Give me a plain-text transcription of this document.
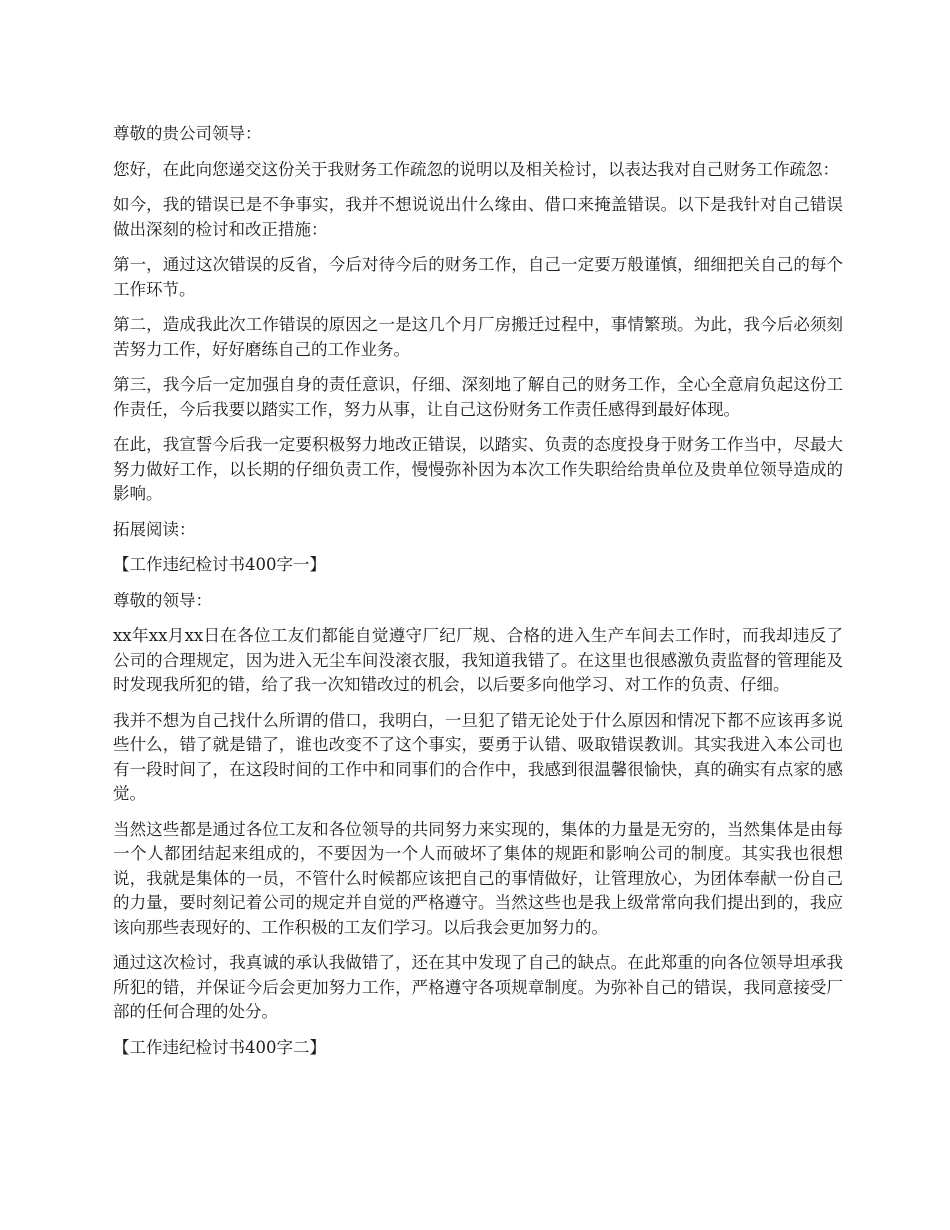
尊敬的贵公司领导：

您好，在此向您递交这份关于我财务工作疏忽的说明以及相关检讨，以表达我对自己财务工作疏忽：

如今，我的错误已是不争事实，我并不想说说出什么缘由、借口来掩盖错误。以下是我针对自己错误做出深刻的检讨和改正措施：

第一，通过这次错误的反省，今后对待今后的财务工作，自己一定要万般谨慎，细细把关自己的每个工作环节。

第二，造成我此次工作错误的原因之一是这几个月厂房搬迁过程中，事情繁琐。为此，我今后必须刻苦努力工作，好好磨练自己的工作业务。

第三，我今后一定加强自身的责任意识，仔细、深刻地了解自己的财务工作，全心全意肩负起这份工作责任，今后我要以踏实工作，努力从事，让自己这份财务工作责任感得到最好体现。

在此，我宣誓今后我一定要积极努力地改正错误，以踏实、负责的态度投身于财务工作当中，尽最大努力做好工作，以长期的仔细负责工作，慢慢弥补因为本次工作失职给给贵单位及贵单位领导造成的影响。

拓展阅读：

【工作违纪检讨书400字一】

尊敬的领导：

xx年xx月xx日在各位工友们都能自觉遵守厂纪厂规、合格的进入生产车间去工作时，而我却违反了公司的合理规定，因为进入无尘车间没滚衣服，我知道我错了。在这里也很感激负责监督的管理能及时发现我所犯的错，给了我一次知错改过的机会，以后要多向他学习、对工作的负责、仔细。

我并不想为自己找什么所谓的借口，我明白，一旦犯了错无论处于什么原因和情况下都不应该再多说些什么，错了就是错了，谁也改变不了这个事实，要勇于认错、吸取错误教训。其实我进入本公司也有一段时间了，在这段时间的工作中和同事们的合作中，我感到很温馨很愉快，真的确实有点家的感觉。

当然这些都是通过各位工友和各位领导的共同努力来实现的，集体的力量是无穷的，当然集体是由每一个人都团结起来组成的，不要因为一个人而破坏了集体的规距和影响公司的制度。其实我也很想说，我就是集体的一员，不管什么时候都应该把自己的事情做好，让管理放心，为团体奉献一份自己的力量，要时刻记着公司的规定并自觉的严格遵守。当然这些也是我上级常常向我们提出到的，我应该向那些表现好的、工作积极的工友们学习。以后我会更加努力的。

通过这次检讨，我真诚的承认我做错了，还在其中发现了自己的缺点。在此郑重的向各位领导坦承我所犯的错，并保证今后会更加努力工作，严格遵守各项规章制度。为弥补自己的错误，我同意接受厂部的任何合理的处分。

【工作违纪检讨书400字二】
